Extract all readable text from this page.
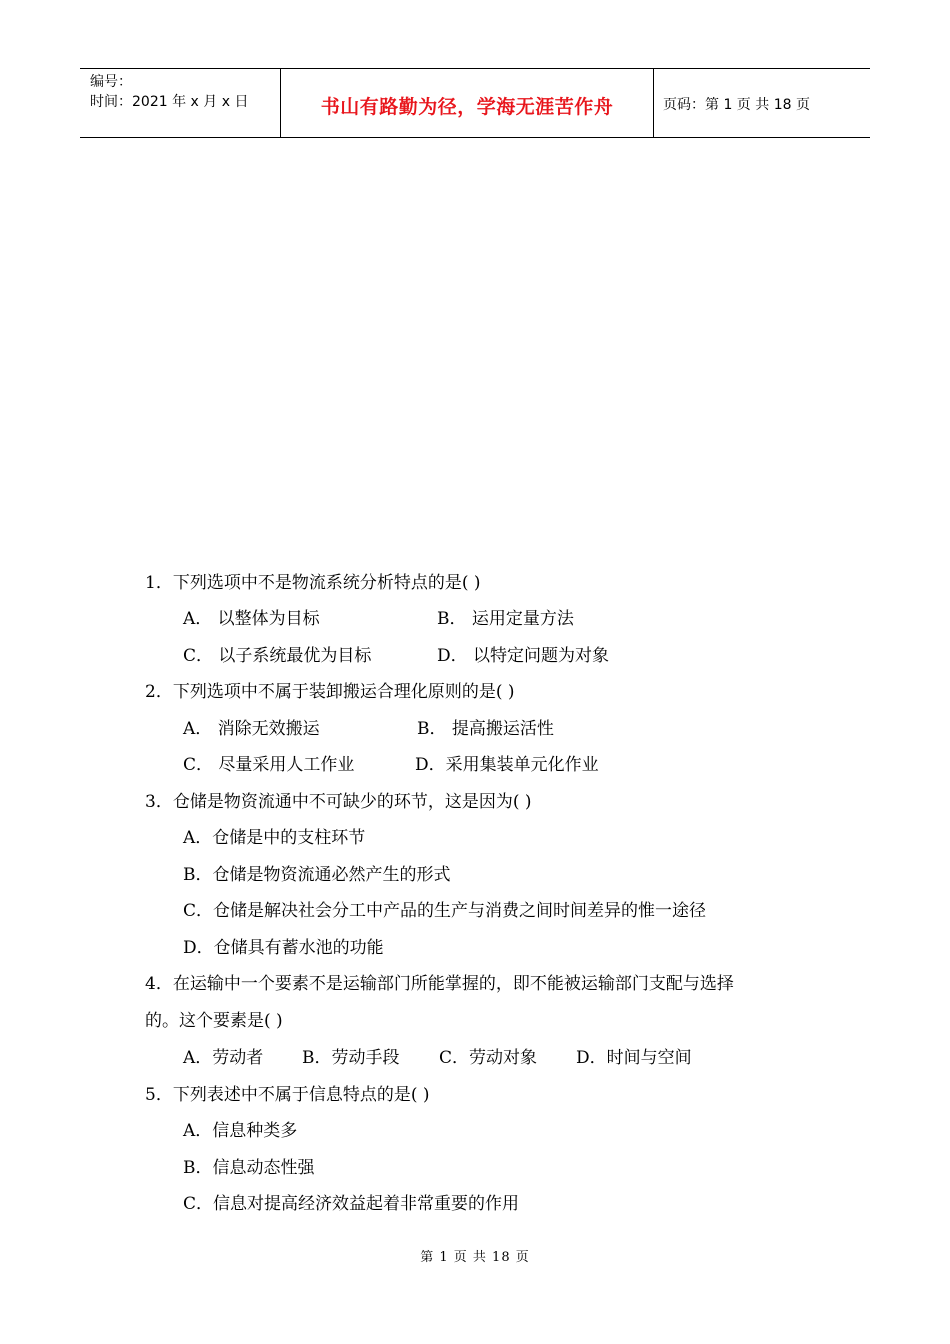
编号：
时间：2021 年 x 月 x 日	书山有路勤为径，学海无涯苦作舟	页码：第 1 页 共 18 页
1．下列选项中不是物流系统分析特点的是( )
A． 以整体为目标	B． 运用定量方法
C． 以子系统最优为目标	D． 以特定问题为对象
2．下列选项中不属于装卸搬运合理化原则的是( )
A． 消除无效搬运	B． 提高搬运活性
C． 尽量采用人工作业	D．采用集装单元化作业
3．仓储是物资流通中不可缺少的环节，这是因为( )
A．仓储是中的支柱环节
B．仓储是物资流通必然产生的形式
C．仓储是解决社会分工中产品的生产与消费之间时间差异的惟一途径
D．仓储具有蓄水池的功能
4．在运输中一个要素不是运输部门所能掌握的，即不能被运输部门支配与选择
的。这个要素是( )
A．劳动者 B．劳动手段 C．劳动对象 D．时间与空间
5．下列表述中不属于信息特点的是( )
A．信息种类多
B．信息动态性强
C．信息对提高经济效益起着非常重要的作用
第 1 页 共 18 页
